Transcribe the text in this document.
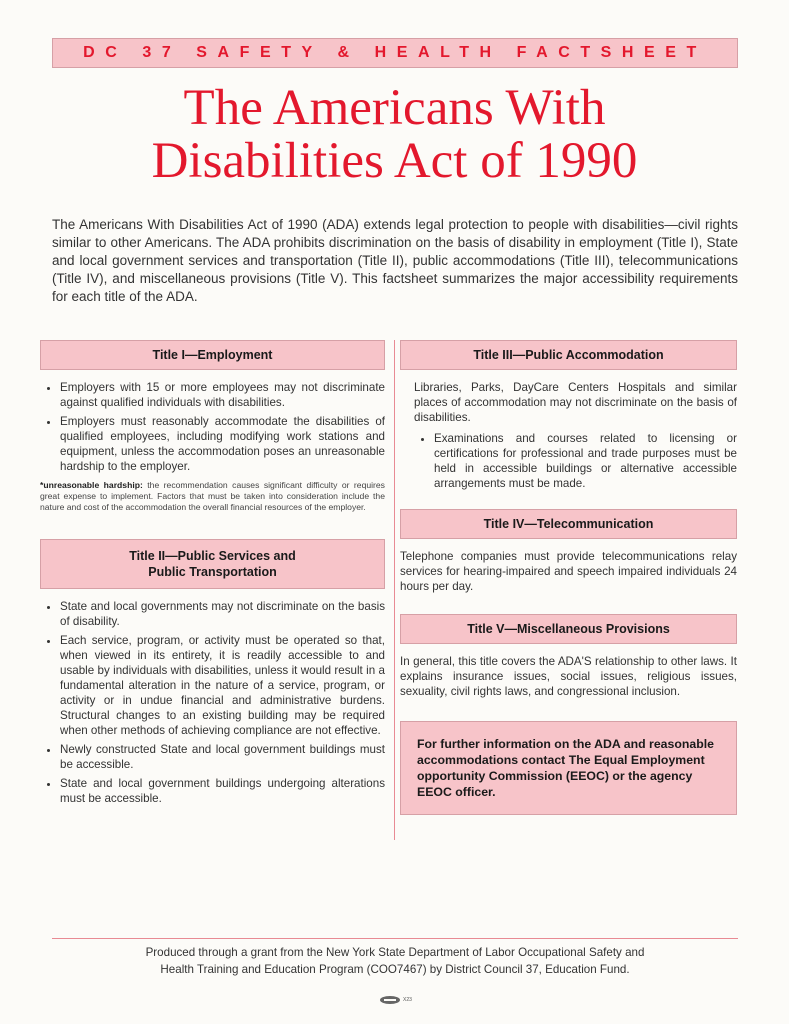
DC 37 SAFETY & HEALTH FACTSHEET
The Americans With
Disabilities Act of 1990
The Americans With Disabilities Act of 1990 (ADA) extends legal protection to people with disabilities—civil rights similar to other Americans. The ADA prohibits discrimination on the basis of disability in employment (Title I), State and local government services and transportation (Title II), public accommodations (Title III), telecommunications (Title IV), and miscellaneous provisions (Title V). This factsheet summarizes the major accessibility requirements for each title of the ADA.
Title I—Employment
• Employers with 15 or more employees may not discriminate against qualified individuals with disabilities.
• Employers must reasonably accommodate the disabilities of qualified employees, including modifying work stations and equipment, unless the accommodation poses an unreasonable hardship to the employer.
*unreasonable hardship: the recommendation causes significant difficulty or requires great expense to implement. Factors that must be taken into consideration include the nature and cost of the accommodation the overall financial resources of the employer.
Title II—Public Services and
Public Transportation
• State and local governments may not discriminate on the basis of disability.
• Each service, program, or activity must be operated so that, when viewed in its entirety, it is readily accessible to and usable by individuals with disabilities, unless it would result in a fundamental alteration in the nature of a service, program, or activity or in undue financial and administrative burdens. Structural changes to an existing building may be required when other methods of achieving compliance are not effective.
• Newly constructed State and local government buildings must be accessible.
• State and local government buildings undergoing alterations must be accessible.
Title III—Public Accommodation

Libraries, Parks, DayCare Centers Hospitals and similar places of accommodation may not discriminate on the basis of disabilities.

• Examinations and courses related to licensing or certifications for professional and trade purposes must be held in accessible buildings or alternative accessible arrangements must be made.
Title IV—Telecommunication

Telephone companies must provide telecommunications relay services for hearing-impaired and speech impaired individuals 24 hours per day.

Title V—Miscellaneous Provisions

In general, this title covers the ADA'S relationship to other laws. It explains insurance issues, social issues, religious issues, sexuality, civil rights laws, and congressional inclusion.

For further information on the ADA and reasonable accommodations contact The Equal Employment opportunity Commission (EEOC) or the agency EEOC officer.
Produced through a grant from the New York State Department of Labor Occupational Safety and
Health Training and Education Program (COO7467) by District Council 37, Education Fund.
X23
